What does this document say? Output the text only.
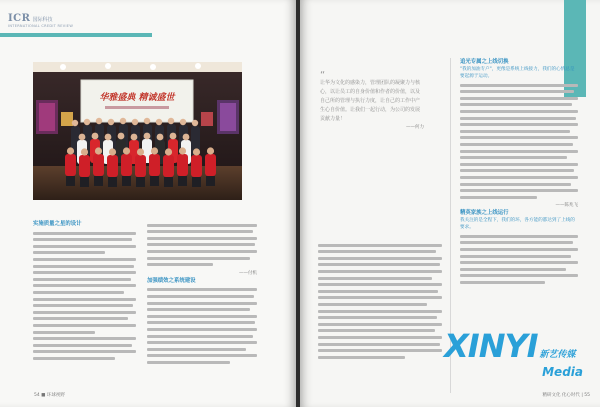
ICR 国际科技
INTERNATIONAL CREDIT REVIEW
华雅盛典 精诚盛世
实施质量之星的设计
——付机
加强绩效之系统建设
54 ■ 环球视野
“
让华为文化的感染力，管理团队的凝聚力与核心，以让员工的自身价值和作者的价值，以及自己所的管理与执行力度，让自己的工作中产生心自价值。让我们一起行动，为公司的发展贡献力量！
——何力
追光专属之上线切换
"我的加油专户"，更像是系统上线接力，我们的心情总是要起源于运动。
——陈兆飞
精英家族之上线运行
我关注的是全程下，我们的环，各方能的都达到了上线的要求。
XINYI 新艺传媒
Media
精研文化 化心时代 | 55
